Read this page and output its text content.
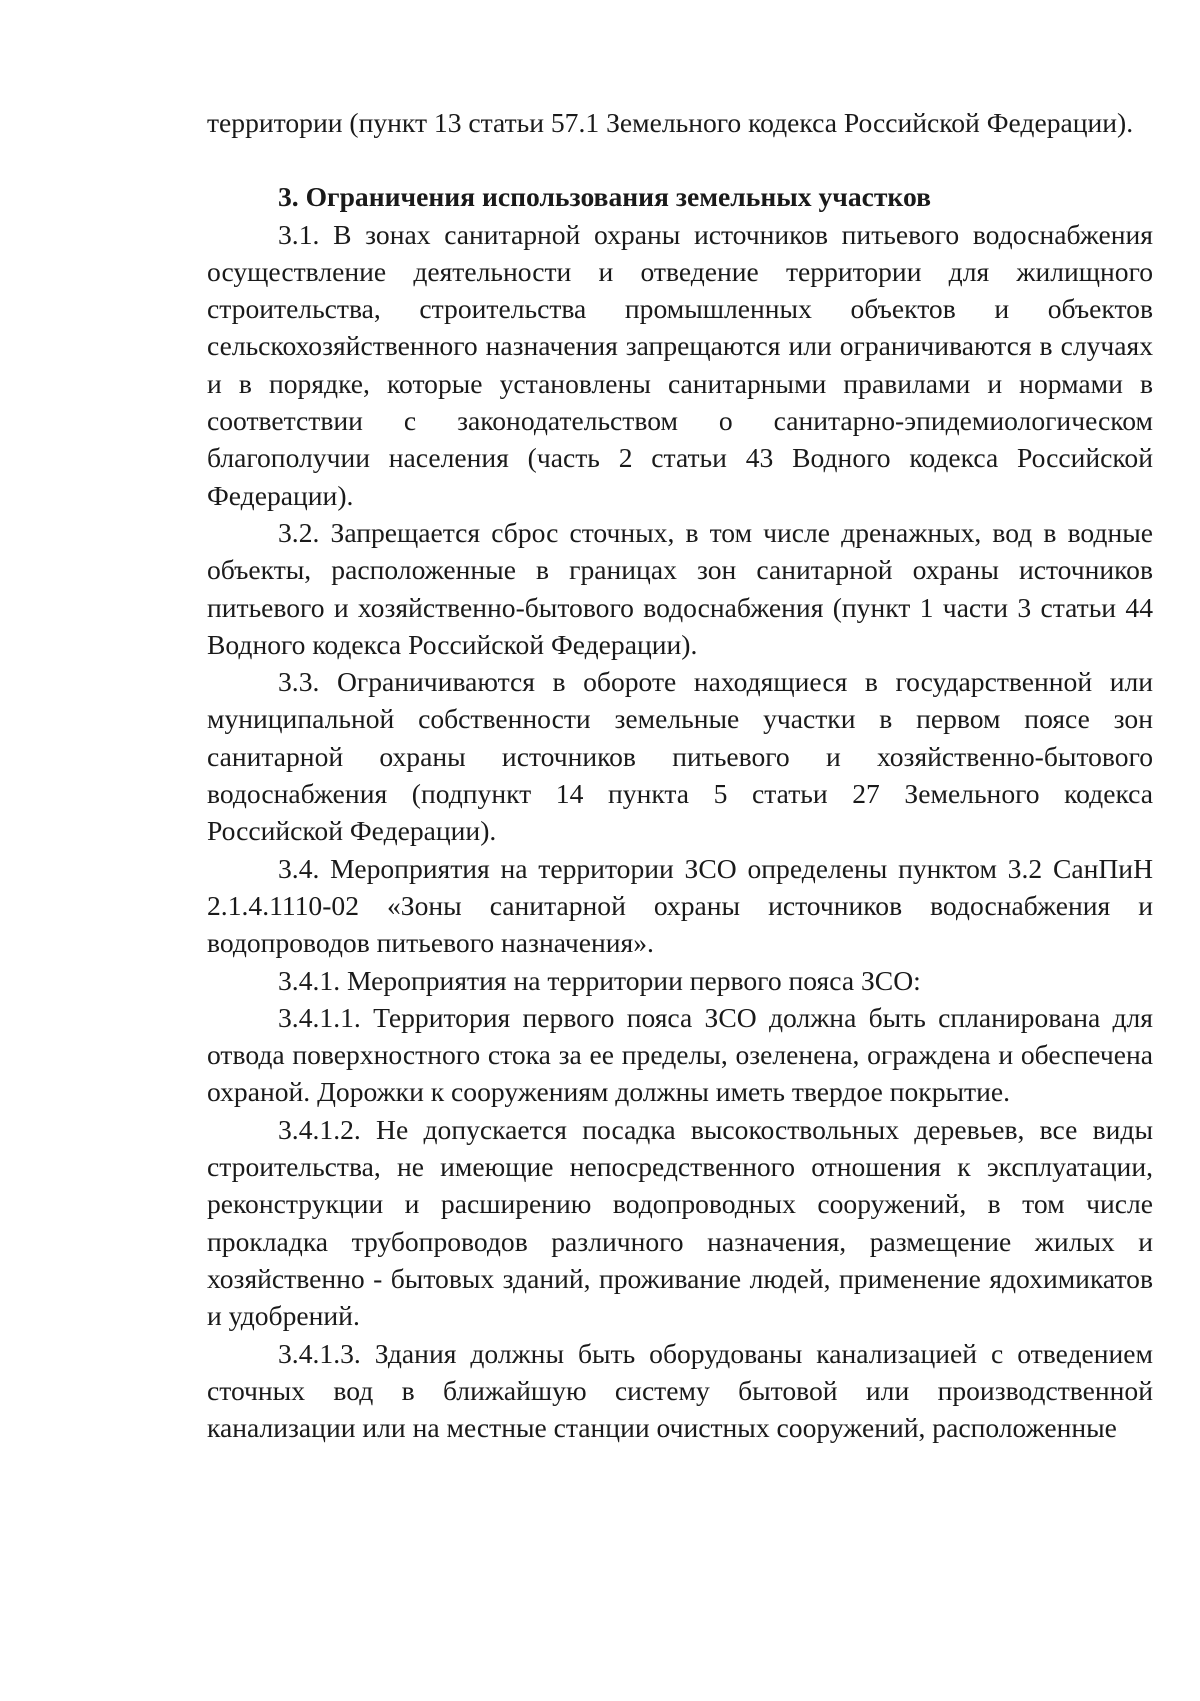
территории (пункт 13 статьи 57.1 Земельного кодекса Российской Федерации).

3. Ограничения использования земельных участков

3.1. В зонах санитарной охраны источников питьевого водоснабжения осуществление деятельности и отведение территории для жилищного строительства, строительства промышленных объектов и объектов сельскохозяйственного назначения запрещаются или ограничиваются в случаях и в порядке, которые установлены санитарными правилами и нормами в соответствии с законодательством о санитарно-эпидемиологическом благополучии населения (часть 2 статьи 43 Водного кодекса Российской Федерации).

3.2. Запрещается сброс сточных, в том числе дренажных, вод в водные объекты, расположенные в границах зон санитарной охраны источников питьевого и хозяйственно-бытового водоснабжения (пункт 1 части 3 статьи 44 Водного кодекса Российской Федерации).

3.3. Ограничиваются в обороте находящиеся в государственной или муниципальной собственности земельные участки в первом поясе зон санитарной охраны источников питьевого и хозяйственно-бытового водоснабжения (подпункт 14 пункта 5 статьи 27 Земельного кодекса Российской Федерации).

3.4. Мероприятия на территории ЗСО определены пунктом 3.2 СанПиН 2.1.4.1110-02 «Зоны санитарной охраны источников водоснабжения и водопроводов питьевого назначения».

3.4.1. Мероприятия на территории первого пояса ЗСО:

3.4.1.1. Территория первого пояса ЗСО должна быть спланирована для отвода поверхностного стока за ее пределы, озеленена, ограждена и обеспечена охраной. Дорожки к сооружениям должны иметь твердое покрытие.

3.4.1.2. Не допускается посадка высокоствольных деревьев, все виды строительства, не имеющие непосредственного отношения к эксплуатации, реконструкции и расширению водопроводных сооружений, в том числе прокладка трубопроводов различного назначения, размещение жилых и хозяйственно - бытовых зданий, проживание людей, применение ядохимикатов и удобрений.

3.4.1.3. Здания должны быть оборудованы канализацией с отведением сточных вод в ближайшую систему бытовой или производственной канализации или на местные станции очистных сооружений, расположенные
